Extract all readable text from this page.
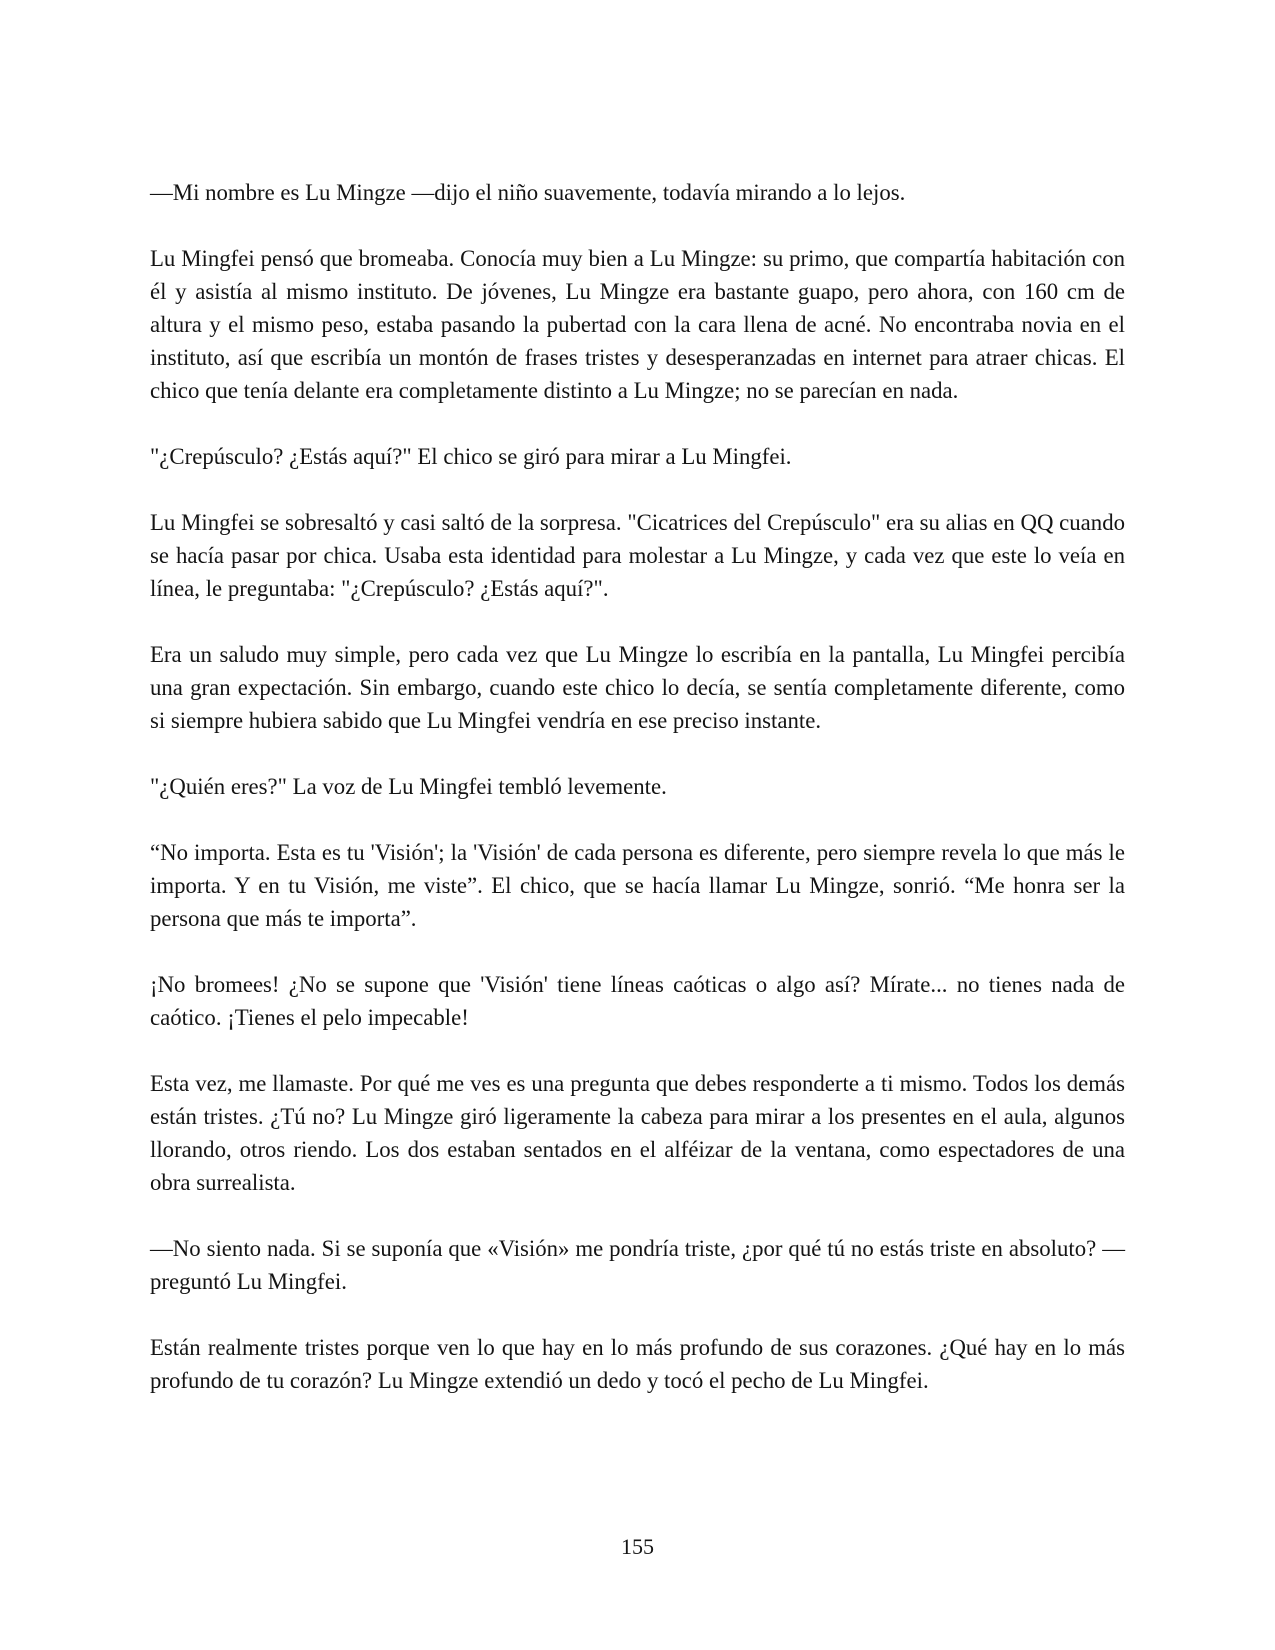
—Mi nombre es Lu Mingze —dijo el niño suavemente, todavía mirando a lo lejos.

Lu Mingfei pensó que bromeaba. Conocía muy bien a Lu Mingze: su primo, que compartía habitación con él y asistía al mismo instituto. De jóvenes, Lu Mingze era bastante guapo, pero ahora, con 160 cm de altura y el mismo peso, estaba pasando la pubertad con la cara llena de acné. No encontraba novia en el instituto, así que escribía un montón de frases tristes y desesperanzadas en internet para atraer chicas. El chico que tenía delante era completamente distinto a Lu Mingze; no se parecían en nada.

"¿Crepúsculo? ¿Estás aquí?" El chico se giró para mirar a Lu Mingfei.

Lu Mingfei se sobresaltó y casi saltó de la sorpresa. "Cicatrices del Crepúsculo" era su alias en QQ cuando se hacía pasar por chica. Usaba esta identidad para molestar a Lu Mingze, y cada vez que este lo veía en línea, le preguntaba: "¿Crepúsculo? ¿Estás aquí?".

Era un saludo muy simple, pero cada vez que Lu Mingze lo escribía en la pantalla, Lu Mingfei percibía una gran expectación. Sin embargo, cuando este chico lo decía, se sentía completamente diferente, como si siempre hubiera sabido que Lu Mingfei vendría en ese preciso instante.

"¿Quién eres?" La voz de Lu Mingfei tembló levemente.

“No importa. Esta es tu 'Visión'; la 'Visión' de cada persona es diferente, pero siempre revela lo que más le importa. Y en tu Visión, me viste”. El chico, que se hacía llamar Lu Mingze, sonrió. “Me honra ser la persona que más te importa”.

¡No bromees! ¿No se supone que 'Visión' tiene líneas caóticas o algo así? Mírate... no tienes nada de caótico. ¡Tienes el pelo impecable!

Esta vez, me llamaste. Por qué me ves es una pregunta que debes responderte a ti mismo. Todos los demás están tristes. ¿Tú no? Lu Mingze giró ligeramente la cabeza para mirar a los presentes en el aula, algunos llorando, otros riendo. Los dos estaban sentados en el alféizar de la ventana, como espectadores de una obra surrealista.

—No siento nada. Si se suponía que «Visión» me pondría triste, ¿por qué tú no estás triste en absoluto? —preguntó Lu Mingfei.

Están realmente tristes porque ven lo que hay en lo más profundo de sus corazones. ¿Qué hay en lo más profundo de tu corazón? Lu Mingze extendió un dedo y tocó el pecho de Lu Mingfei.

155
